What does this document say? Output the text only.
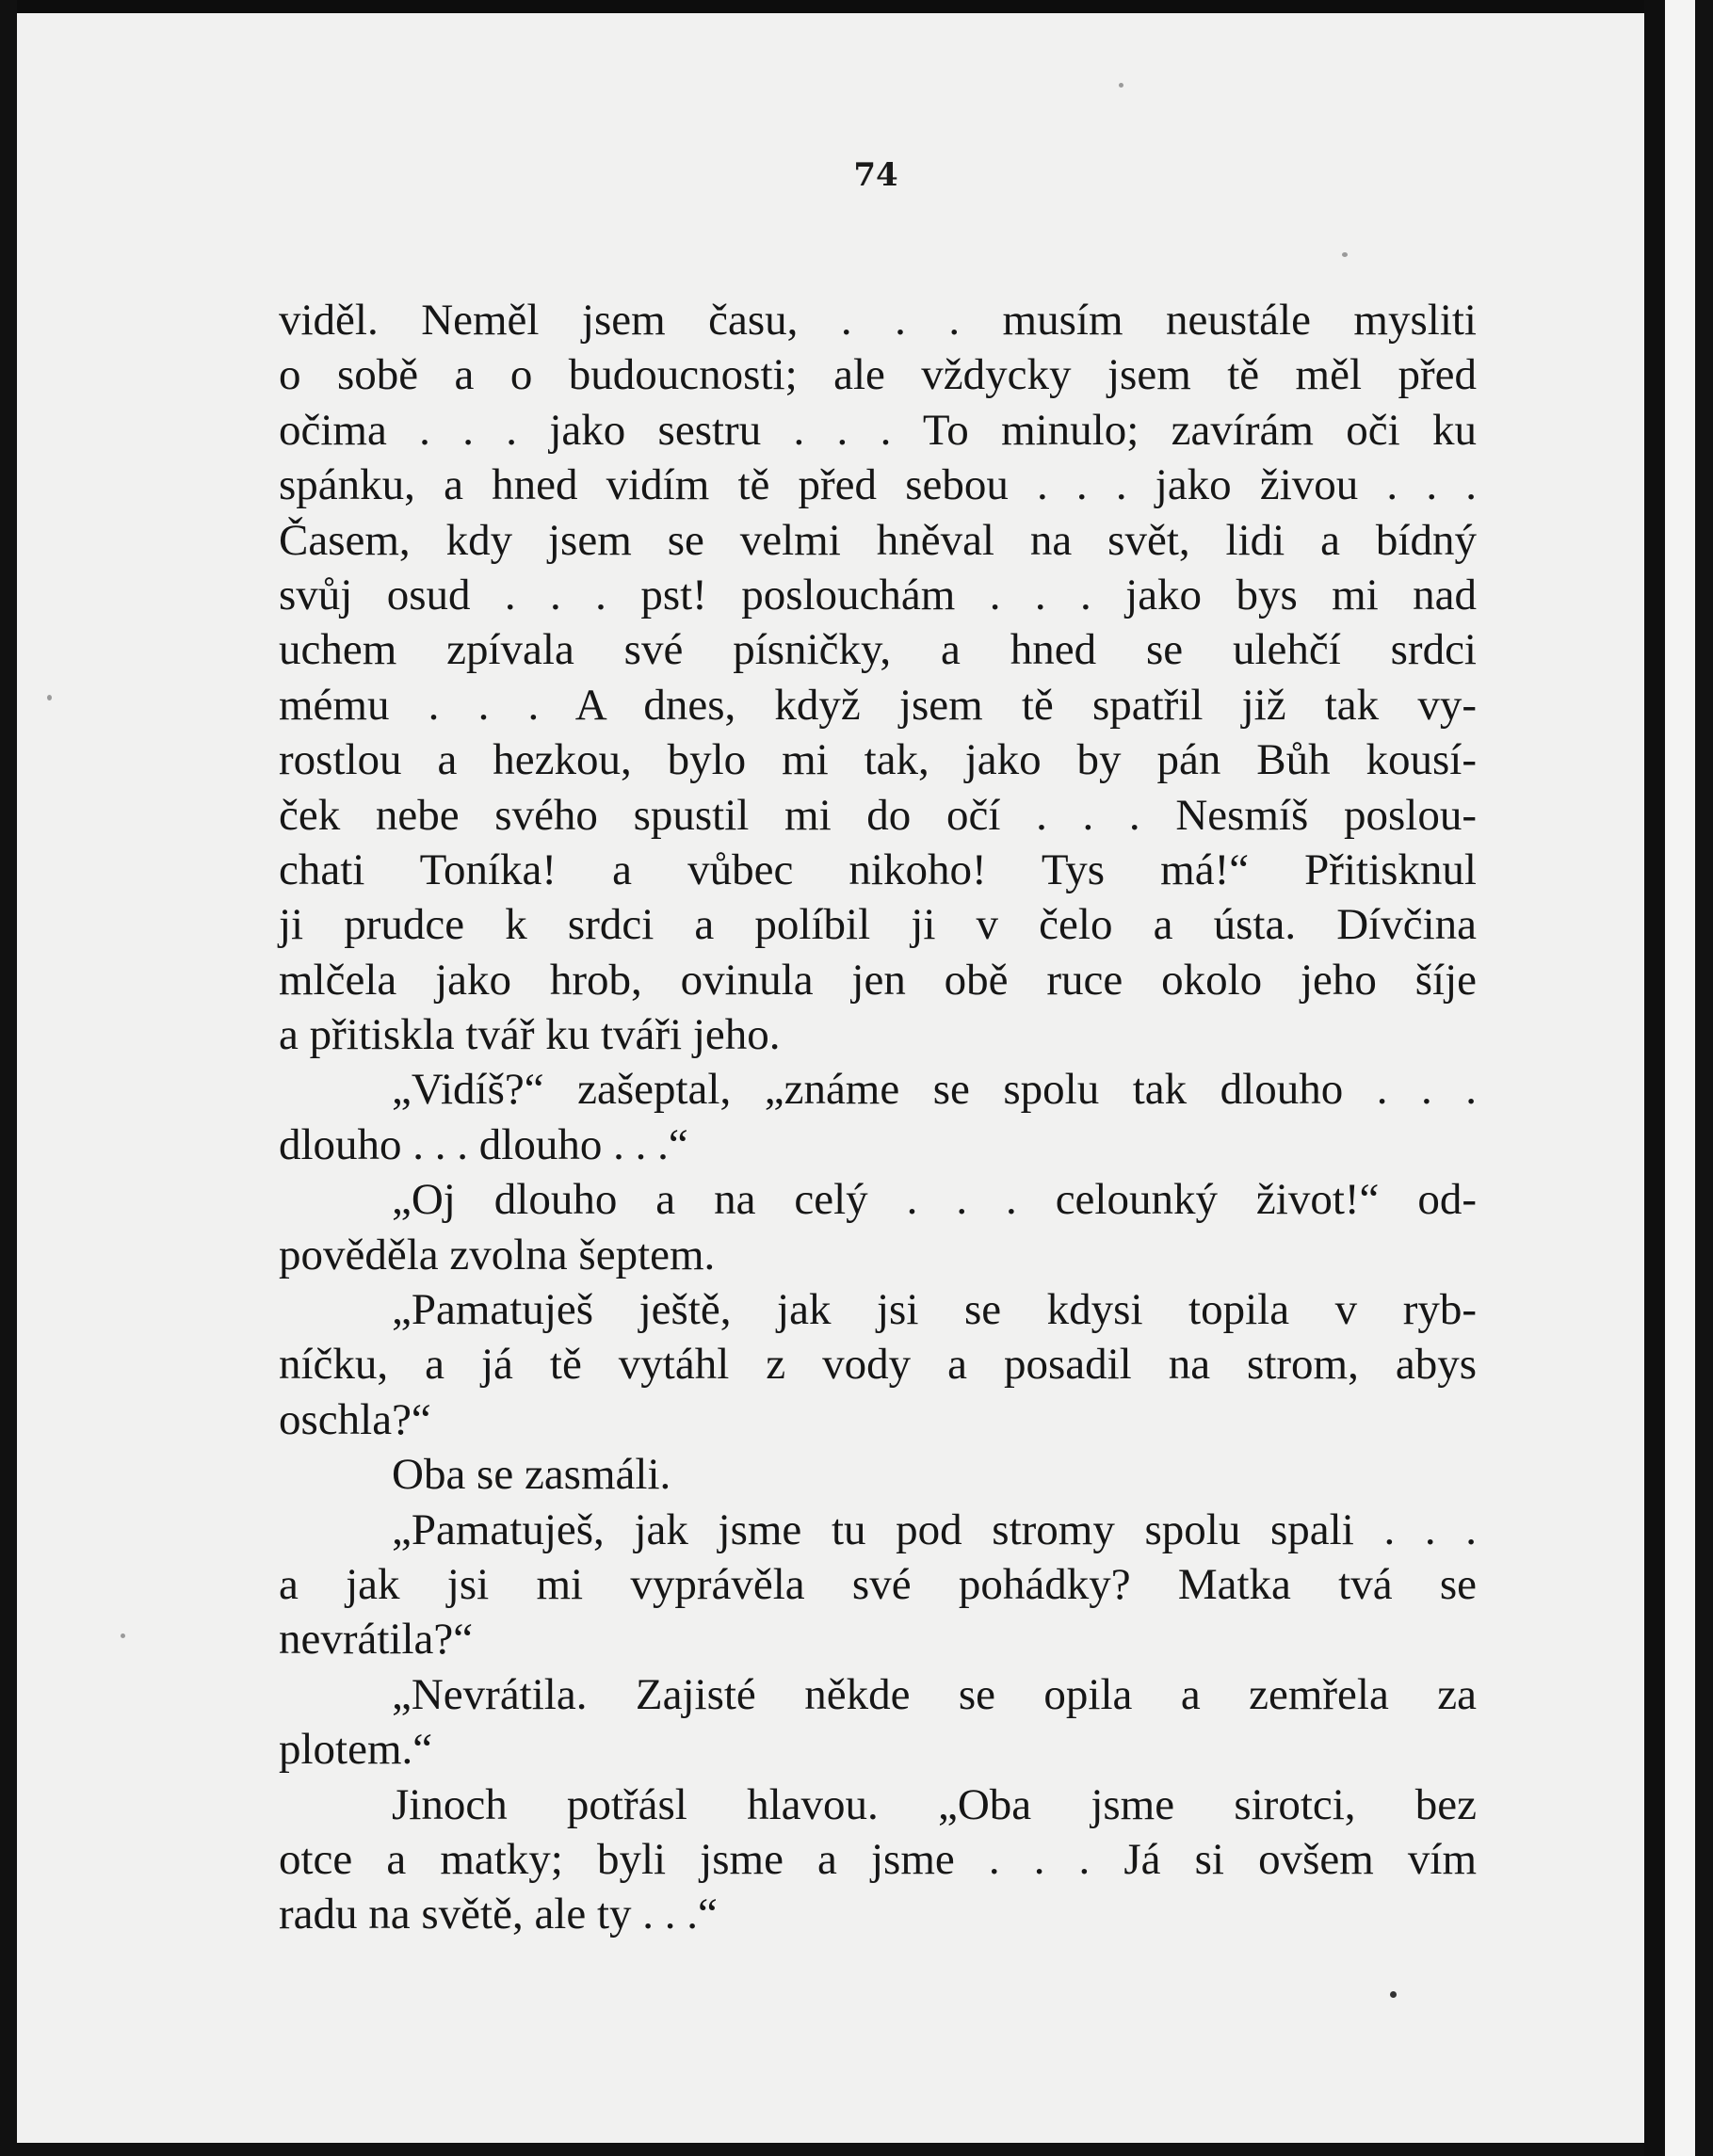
74
viděl. Neměl jsem času, . . . musím neustále mysliti
o sobě a o budoucnosti; ale vždycky jsem tě měl před
očima . . . jako sestru . . . To minulo; zavírám oči ku
spánku, a hned vidím tě před sebou . . . jako živou . . .
Časem, kdy jsem se velmi hněval na svět, lidi a bídný
svůj osud . . . pst! poslouchám . . . jako bys mi nad
uchem zpívala své písničky, a hned se ulehčí srdci
mému . . . A dnes, když jsem tě spatřil již tak vy-
rostlou a hezkou, bylo mi tak, jako by pán Bůh kousí-
ček nebe svého spustil mi do očí . . . Nesmíš poslou-
chati Toníka! a vůbec nikoho! Tys má!“ Přitisknul
ji prudce k srdci a políbil ji v čelo a ústa. Dívčina
mlčela jako hrob, ovinula jen obě ruce okolo jeho šíje
a přitiskla tvář ku tváři jeho.
„Vidíš?“ zašeptal, „známe se spolu tak dlouho . . .
dlouho . . . dlouho . . .“
„Oj dlouho a na celý . . . celounký život!“ od-
pověděla zvolna šeptem.
„Pamatuješ ještě, jak jsi se kdysi topila v ryb-
níčku, a já tě vytáhl z vody a posadil na strom, abys
oschla?“
Oba se zasmáli.
„Pamatuješ, jak jsme tu pod stromy spolu spali . . .
a jak jsi mi vyprávěla své pohádky? Matka tvá se
nevrátila?“
„Nevrátila. Zajisté někde se opila a zemřela za
plotem.“
Jinoch potřásl hlavou. „Oba jsme sirotci, bez
otce a matky; byli jsme a jsme . . . Já si ovšem vím
radu na světě, ale ty . . .“
